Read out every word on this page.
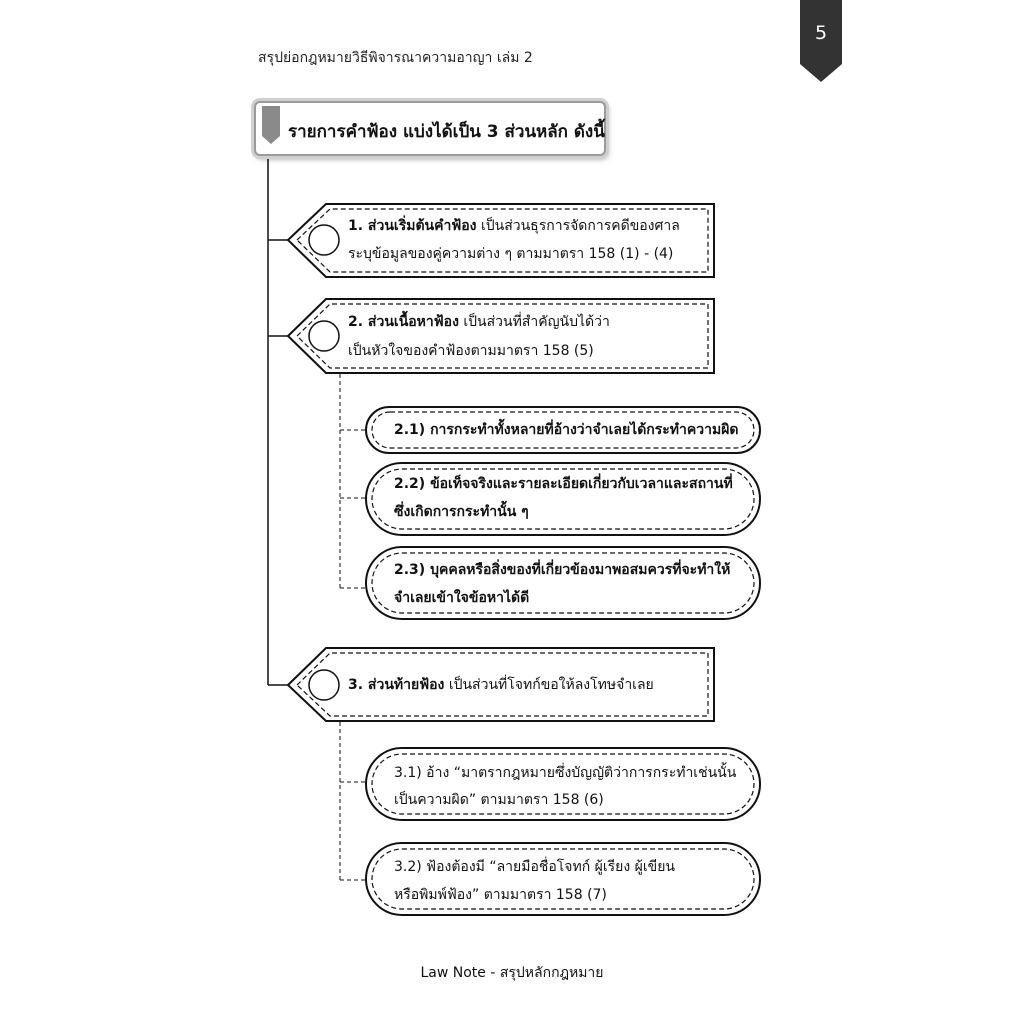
สรุปย่อกฎหมายวิธีพิจารณาความอาญา เล่ม 2
5
รายการคำฟ้อง แบ่งได้เป็น 3 ส่วนหลัก ดังนี้
1. ส่วนเริ่มต้นคำฟ้อง เป็นส่วนธุรการจัดการคดีของศาล
ระบุข้อมูลของคู่ความต่าง ๆ ตามมาตรา 158 (1) - (4)
2. ส่วนเนื้อหาฟ้อง เป็นส่วนที่สำคัญนับได้ว่า
เป็นหัวใจของคำฟ้องตามมาตรา 158 (5)
2.1) การกระทำทั้งหลายที่อ้างว่าจำเลยได้กระทำความผิด
2.2) ข้อเท็จจริงและรายละเอียดเกี่ยวกับเวลาและสถานที่
ซึ่งเกิดการกระทำนั้น ๆ
2.3) บุคคลหรือสิ่งของที่เกี่ยวข้องมาพอสมควรที่จะทำให้
จำเลยเข้าใจข้อหาได้ดี
3. ส่วนท้ายฟ้อง เป็นส่วนที่โจทก์ขอให้ลงโทษจำเลย
3.1) อ้าง “มาตรากฎหมายซึ่งบัญญัติว่าการกระทำเช่นนั้น
เป็นความผิด” ตามมาตรา 158 (6)
3.2) ฟ้องต้องมี “ลายมือชื่อโจทก์ ผู้เรียง ผู้เขียน
หรือพิมพ์ฟ้อง” ตามมาตรา 158 (7)
Law Note - สรุปหลักกฎหมาย
